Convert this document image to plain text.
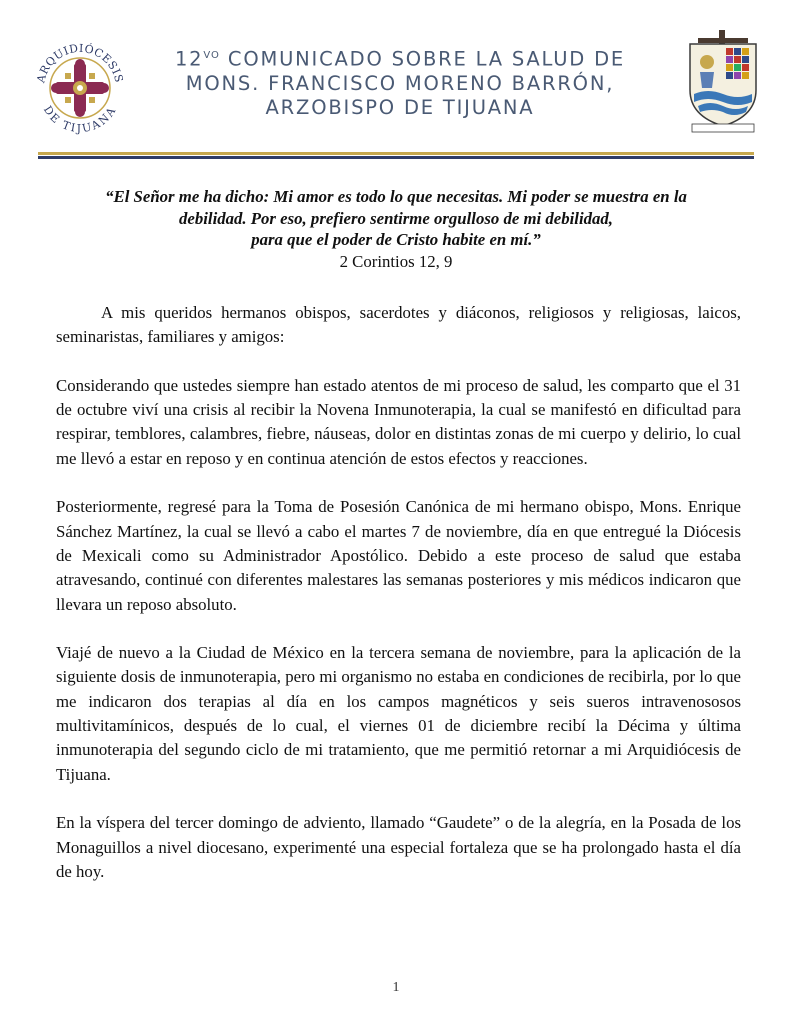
ARQUIDIÓCESIS
DE TIJUANA
$12^{VO}$ COMUNICADO SOBRE LA SALUD DE
MONS. FRANCISCO MORENO BARRÓN,
ARZOBISPO DE TIJUANA
“El Señor me ha dicho: Mi amor es todo lo que necesitas. Mi poder se muestra en la
debilidad. Por eso, prefiero sentirme orgulloso de mi debilidad,
para que el poder de Cristo habite en mí.”
2 Corintios 12, 9

A mis queridos hermanos obispos, sacerdotes y diáconos, religiosos y religiosas, laicos, seminaristas, familiares y amigos:

Considerando que ustedes siempre han estado atentos de mi proceso de salud, les comparto que el 31 de octubre viví una crisis al recibir la Novena Inmunoterapia, la cual se manifestó en dificultad para respirar, temblores, calambres, fiebre, náuseas, dolor en distintas zonas de mi cuerpo y delirio, lo cual me llevó a estar en reposo y en continua atención de estos efectos y reacciones.

Posteriormente, regresé para la Toma de Posesión Canónica de mi hermano obispo, Mons. Enrique Sánchez Martínez, la cual se llevó a cabo el martes 7 de noviembre, día en que entregué la Diócesis de Mexicali como su Administrador Apostólico. Debido a este proceso de salud que estaba atravesando, continué con diferentes malestares las semanas posteriores y mis médicos indicaron que llevara un reposo absoluto.

Viajé de nuevo a la Ciudad de México en la tercera semana de noviembre, para la aplicación de la siguiente dosis de inmunoterapia, pero mi organismo no estaba en condiciones de recibirla, por lo que me indicaron dos terapias al día en los campos magnéticos y seis sueros intravenososos multivitamínicos, después de lo cual, el viernes 01 de diciembre recibí la Décima y última inmunoterapia del segundo ciclo de mi tratamiento, que me permitió retornar a mi Arquidiócesis de Tijuana.

En la víspera del tercer domingo de adviento, llamado “Gaudete” o de la alegría, en la Posada de los Monaguillos a nivel diocesano, experimenté una especial fortaleza que se ha prolongado hasta el día de hoy.

1
